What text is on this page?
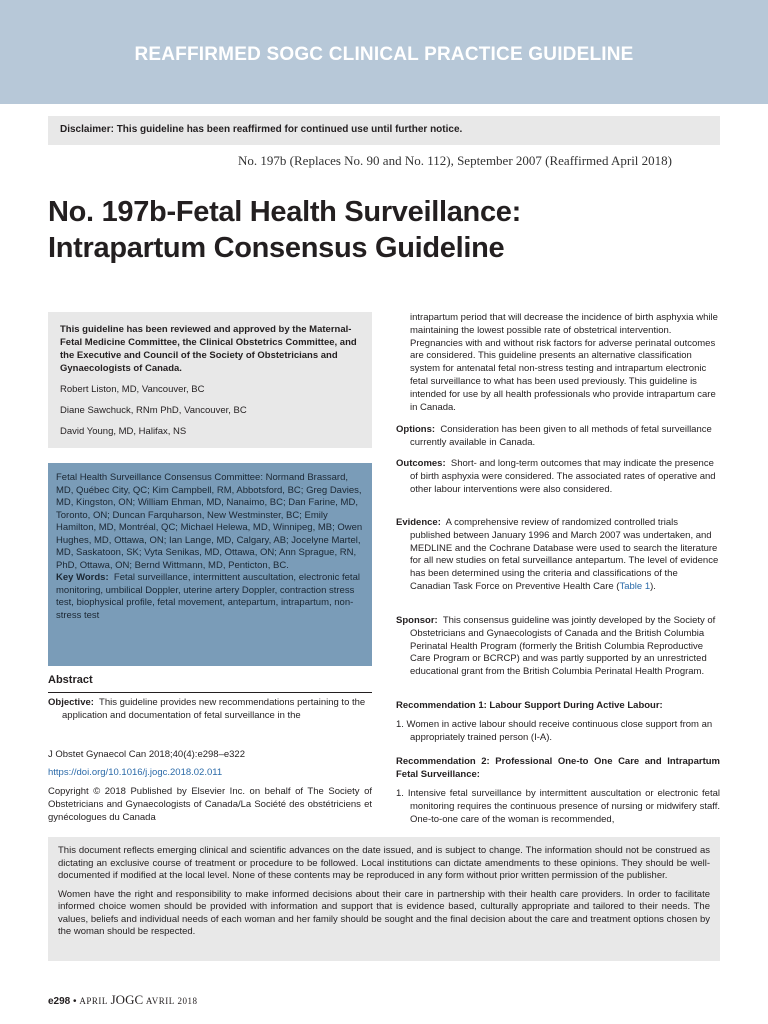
REAFFIRMED SOGC CLINICAL PRACTICE GUIDELINE
Disclaimer: This guideline has been reaffirmed for continued use until further notice.
No. 197b (Replaces No. 90 and No. 112), September 2007 (Reaffirmed April 2018)
No. 197b-Fetal Health Surveillance:
Intrapartum Consensus Guideline
This guideline has been reviewed and approved by the Maternal-Fetal Medicine Committee, the Clinical Obstetrics Committee, and the Executive and Council of the Society of Obstetricians and Gynaecologists of Canada.
Robert Liston, MD, Vancouver, BC
Diane Sawchuck, RNm PhD, Vancouver, BC
David Young, MD, Halifax, NS
Fetal Health Surveillance Consensus Committee: Normand Brassard, MD, Québec City, QC; Kim Campbell, RM, Abbotsford, BC; Greg Davies, MD, Kingston, ON; William Ehman, MD, Nanaimo, BC; Dan Farine, MD, Toronto, ON; Duncan Farquharson, New Westminster, BC; Emily Hamilton, MD, Montréal, QC; Michael Helewa, MD, Winnipeg, MB; Owen Hughes, MD, Ottawa, ON; Ian Lange, MD, Calgary, AB; Jocelyne Martel, MD, Saskatoon, SK; Vyta Senikas, MD, Ottawa, ON; Ann Sprague, RN, PhD, Ottawa, ON; Bernd Wittmann, MD, Penticton, BC.
Key Words: Fetal surveillance, intermittent auscultation, electronic fetal monitoring, umbilical Doppler, uterine artery Doppler, contraction stress test, biophysical profile, fetal movement, antepartum, intrapartum, non-stress test
Abstract
Objective: This guideline provides new recommendations pertaining to the application and documentation of fetal surveillance in the
J Obstet Gynaecol Can 2018;40(4):e298–e322
https://doi.org/10.1016/j.jogc.2018.02.011
Copyright © 2018 Published by Elsevier Inc. on behalf of The Society of Obstetricians and Gynaecologists of Canada/La Société des obstétriciens et gynécologues du Canada
intrapartum period that will decrease the incidence of birth asphyxia while maintaining the lowest possible rate of obstetrical intervention. Pregnancies with and without risk factors for adverse perinatal outcomes are considered. This guideline presents an alternative classification system for antenatal fetal non-stress testing and intrapartum electronic fetal surveillance to what has been used previously. This guideline is intended for use by all health professionals who provide intrapartum care in Canada.
Options: Consideration has been given to all methods of fetal surveillance currently available in Canada.
Outcomes: Short- and long-term outcomes that may indicate the presence of birth asphyxia were considered. The associated rates of operative and other labour interventions were also considered.
Evidence: A comprehensive review of randomized controlled trials published between January 1996 and March 2007 was undertaken, and MEDLINE and the Cochrane Database were used to search the literature for all new studies on fetal surveillance antepartum. The level of evidence has been determined using the criteria and classifications of the Canadian Task Force on Preventive Health Care (Table 1).
Sponsor: This consensus guideline was jointly developed by the Society of Obstetricians and Gynaecologists of Canada and the British Columbia Perinatal Health Program (formerly the British Columbia Reproductive Care Program or BCRCP) and was partly supported by an unrestricted educational grant from the British Columbia Perinatal Health Program.
Recommendation 1: Labour Support During Active Labour:
1. Women in active labour should receive continuous close support from an appropriately trained person (I-A).
Recommendation 2: Professional One-to One Care and Intrapartum Fetal Surveillance:
1. Intensive fetal surveillance by intermittent auscultation or electronic fetal monitoring requires the continuous presence of nursing or midwifery staff. One-to-one care of the woman is recommended,

This document reflects emerging clinical and scientific advances on the date issued, and is subject to change. The information should not be construed as dictating an exclusive course of treatment or procedure to be followed. Local institutions can dictate amendments to these opinions. They should be well-documented if modified at the local level. None of these contents may be reproduced in any form without prior written permission of the publisher.

Women have the right and responsibility to make informed decisions about their care in partnership with their health care providers. In order to facilitate informed choice women should be provided with information and support that is evidence based, culturally appropriate and tailored to their needs. The values, beliefs and individual needs of each woman and her family should be sought and the final decision about the care and treatment options chosen by the woman should be respected.

e298 • APRIL JOGC AVRIL 2018
